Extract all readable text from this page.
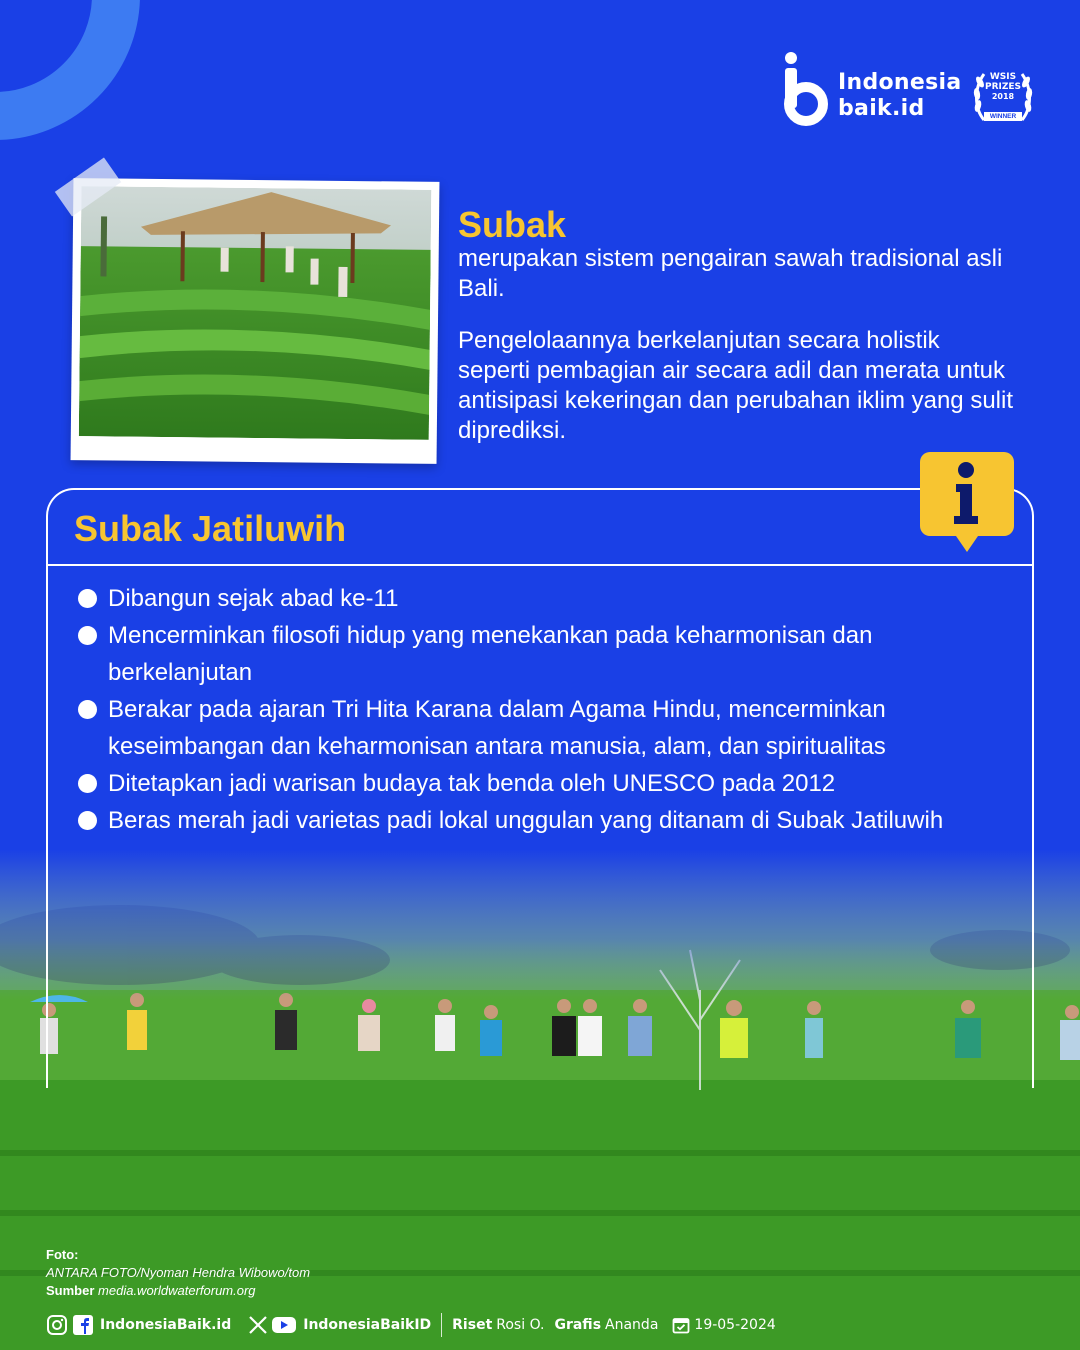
Indonesia
baik.id
WSIS
PRIZES
2018
WINNER
Subak
merupakan sistem pengairan sawah tradisional asli Bali.
Pengelolaannya berkelanjutan secara holistik seperti pembagian air secara adil dan merata untuk antisipasi kekeringan dan perubahan iklim yang sulit diprediksi.
Subak Jatiluwih
Dibangun sejak abad ke-11
Mencerminkan filosofi hidup yang menekankan pada keharmonisan dan berkelanjutan
Berakar pada ajaran Tri Hita Karana dalam Agama Hindu, mencerminkan keseimbangan dan keharmonisan antara manusia, alam, dan spiritualitas
Ditetapkan jadi warisan budaya tak benda oleh UNESCO pada 2012
Beras merah jadi varietas padi lokal unggulan yang ditanam di Subak Jatiluwih
Foto:
ANTARA FOTO/Nyoman Hendra Wibowo/tom
Sumber media.worldwaterforum.org
IndonesiaBaik.id	IndonesiaBaikID Riset Rosi O. Grafis Ananda	19-05-2024
